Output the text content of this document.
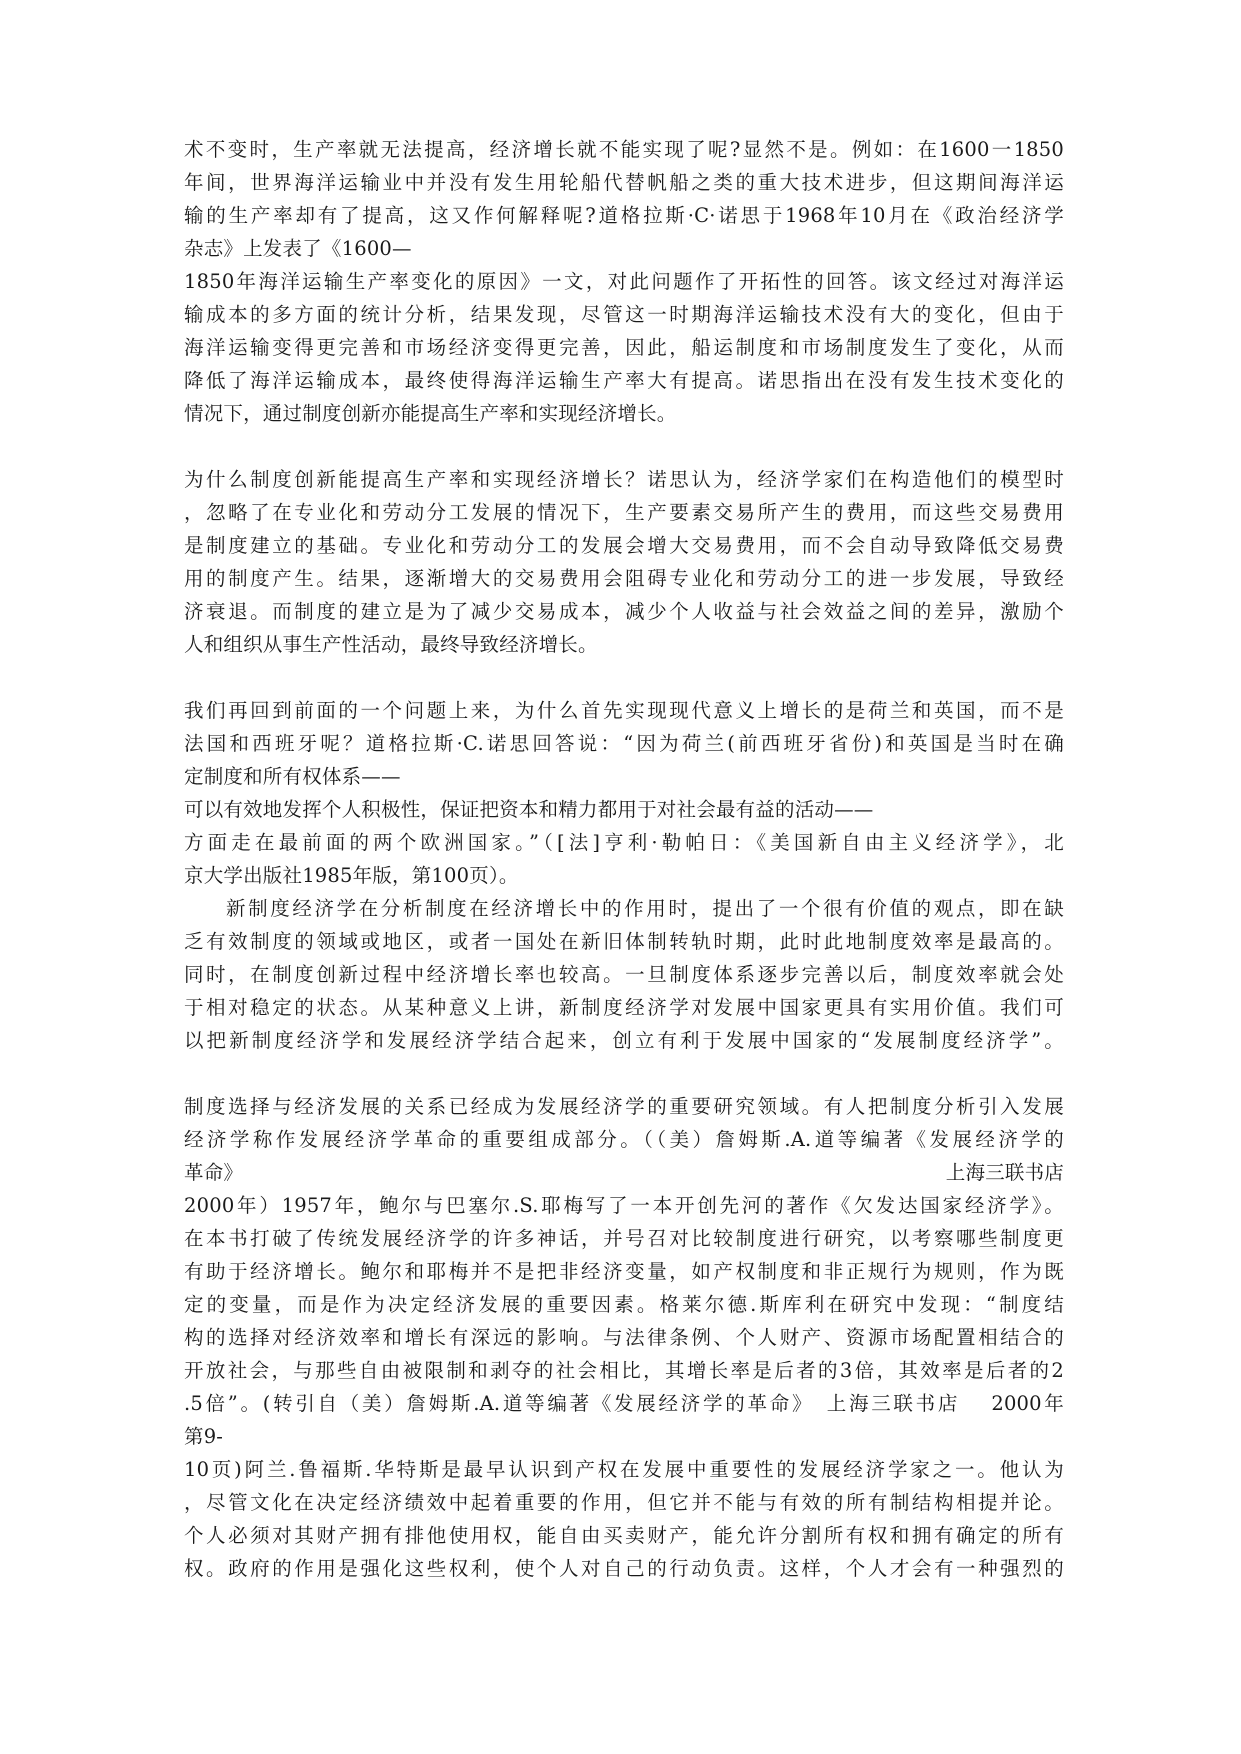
术不变时，生产率就无法提高，经济增长就不能实现了呢?显然不是。例如：在1600一1850
年间，世界海洋运输业中并没有发生用轮船代替帆船之类的重大技术进步，但这期间海洋运
输的生产率却有了提高，这又作何解释呢?道格拉斯·C·诺思于1968年10月在《政治经济学
杂志》上发表了《1600—
1850年海洋运输生产率变化的原因》一文，对此问题作了开拓性的回答。该文经过对海洋运
输成本的多方面的统计分析，结果发现，尽管这一时期海洋运输技术没有大的变化，但由于
海洋运输变得更完善和市场经济变得更完善，因此，船运制度和市场制度发生了变化，从而
降低了海洋运输成本，最终使得海洋运输生产率大有提高。诺思指出在没有发生技术变化的
情况下，通过制度创新亦能提高生产率和实现经济增长。
为什么制度创新能提高生产率和实现经济增长？诺思认为，经济学家们在构造他们的模型时
，忽略了在专业化和劳动分工发展的情况下，生产要素交易所产生的费用，而这些交易费用
是制度建立的基础。专业化和劳动分工的发展会增大交易费用，而不会自动导致降低交易费
用的制度产生。结果，逐渐增大的交易费用会阻碍专业化和劳动分工的进一步发展，导致经
济衰退。而制度的建立是为了减少交易成本，减少个人收益与社会效益之间的差异，激励个
人和组织从事生产性活动，最终导致经济增长。
我们再回到前面的一个问题上来，为什么首先实现现代意义上增长的是荷兰和英国，而不是
法国和西班牙呢？道格拉斯·C.诺思回答说：“因为荷兰(前西班牙省份)和英国是当时在确
定制度和所有权体系——
可以有效地发挥个人积极性，保证把资本和精力都用于对社会最有益的活动——
方面走在最前面的两个欧洲国家。”（[法]亨利·勒帕日：《美国新自由主义经济学》，北
京大学出版社1985年版，第100页）。
新制度经济学在分析制度在经济增长中的作用时，提出了一个很有价值的观点，即在缺
乏有效制度的领域或地区，或者一国处在新旧体制转轨时期，此时此地制度效率是最高的。
同时，在制度创新过程中经济增长率也较高。一旦制度体系逐步完善以后，制度效率就会处
于相对稳定的状态。从某种意义上讲，新制度经济学对发展中国家更具有实用价值。我们可
以把新制度经济学和发展经济学结合起来，创立有利于发展中国家的“发展制度经济学”。
制度选择与经济发展的关系已经成为发展经济学的重要研究领域。有人把制度分析引入发展
经济学称作发展经济学革命的重要组成部分。（（美）詹姆斯.A.道等编著《发展经济学的
革命》	上海三联书店
2000年）1957年，鲍尔与巴塞尔.S.耶梅写了一本开创先河的著作《欠发达国家经济学》。
在本书打破了传统发展经济学的许多神话，并号召对比较制度进行研究，以考察哪些制度更
有助于经济增长。鲍尔和耶梅并不是把非经济变量，如产权制度和非正规行为规则，作为既
定的变量，而是作为决定经济发展的重要因素。格莱尔德.斯库利在研究中发现：“制度结
构的选择对经济效率和增长有深远的影响。与法律条例、个人财产、资源市场配置相结合的
开放社会，与那些自由被限制和剥夺的社会相比，其增长率是后者的3倍，其效率是后者的2
.5倍”。(转引自（美）詹姆斯.A.道等编著《发展经济学的革命》　上海三联书店　 2000年
第9-
10页)阿兰.鲁福斯.华特斯是最早认识到产权在发展中重要性的发展经济学家之一。他认为
，尽管文化在决定经济绩效中起着重要的作用，但它并不能与有效的所有制结构相提并论。
个人必须对其财产拥有排他使用权，能自由买卖财产，能允许分割所有权和拥有确定的所有
权。政府的作用是强化这些权利，使个人对自己的行动负责。这样，个人才会有一种强烈的
